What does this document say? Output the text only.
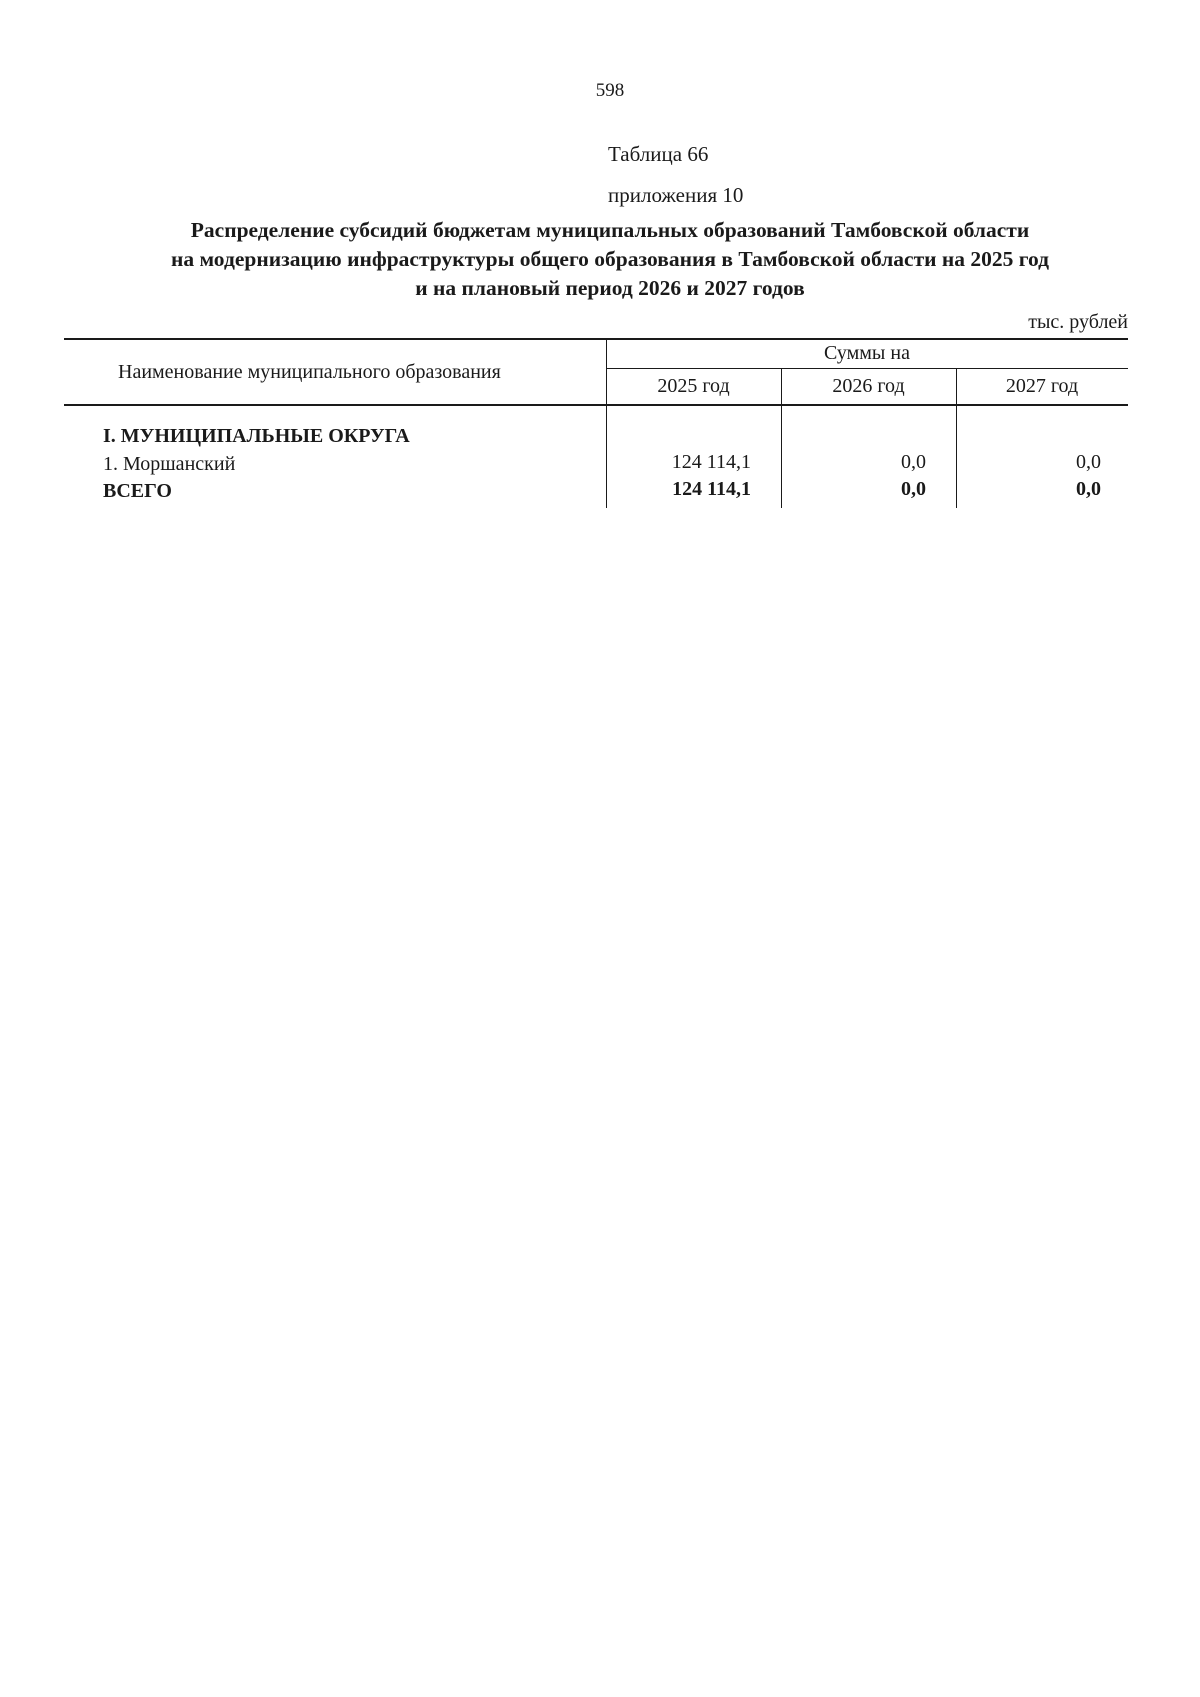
598
Таблица 66
приложения 10
Распределение субсидий бюджетам муниципальных образований Тамбовской области
на модернизацию инфраструктуры общего образования в Тамбовской области на 2025 год
и на плановый период 2026 и 2027 годов
тыс. рублей
Наименование муниципального образования
Суммы на
2025 год	2026 год	2027 год
I. МУНИЦИПАЛЬНЫЕ ОКРУГА
1. Моршанский	124 114,1	0,0	0,0
ВСЕГО	124 114,1	0,0	0,0
